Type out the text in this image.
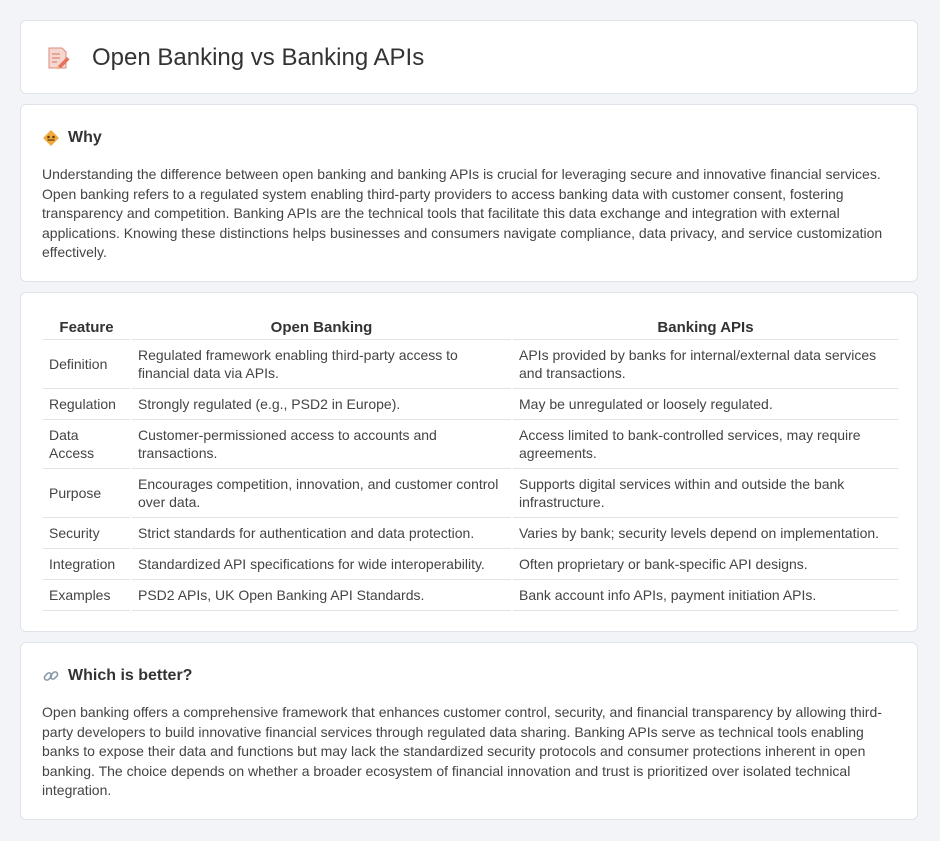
Open Banking vs Banking APIs
Why

Understanding the difference between open banking and banking APIs is crucial for leveraging secure and innovative financial services. Open banking refers to a regulated system enabling third-party providers to access banking data with customer consent, fostering transparency and competition. Banking APIs are the technical tools that facilitate this data exchange and integration with external applications. Knowing these distinctions helps businesses and consumers navigate compliance, data privacy, and service customization effectively.

Feature	Open Banking	Banking APIs
Definition	Regulated framework enabling third-party access to financial data via APIs.	APIs provided by banks for internal/external data services and transactions.
Regulation	Strongly regulated (e.g., PSD2 in Europe).	May be unregulated or loosely regulated.
Data Access	Customer-permissioned access to accounts and transactions.	Access limited to bank-controlled services, may require agreements.
Purpose	Encourages competition, innovation, and customer control over data.	Supports digital services within and outside the bank infrastructure.
Security	Strict standards for authentication and data protection.	Varies by bank; security levels depend on implementation.
Integration	Standardized API specifications for wide interoperability.	Often proprietary or bank-specific API designs.
Examples	PSD2 APIs, UK Open Banking API Standards.	Bank account info APIs, payment initiation APIs.
Which is better?

Open banking offers a comprehensive framework that enhances customer control, security, and financial transparency by allowing third-party developers to build innovative financial services through regulated data sharing. Banking APIs serve as technical tools enabling banks to expose their data and functions but may lack the standardized security protocols and consumer protections inherent in open banking. The choice depends on whether a broader ecosystem of financial innovation and trust is prioritized over isolated technical integration.
